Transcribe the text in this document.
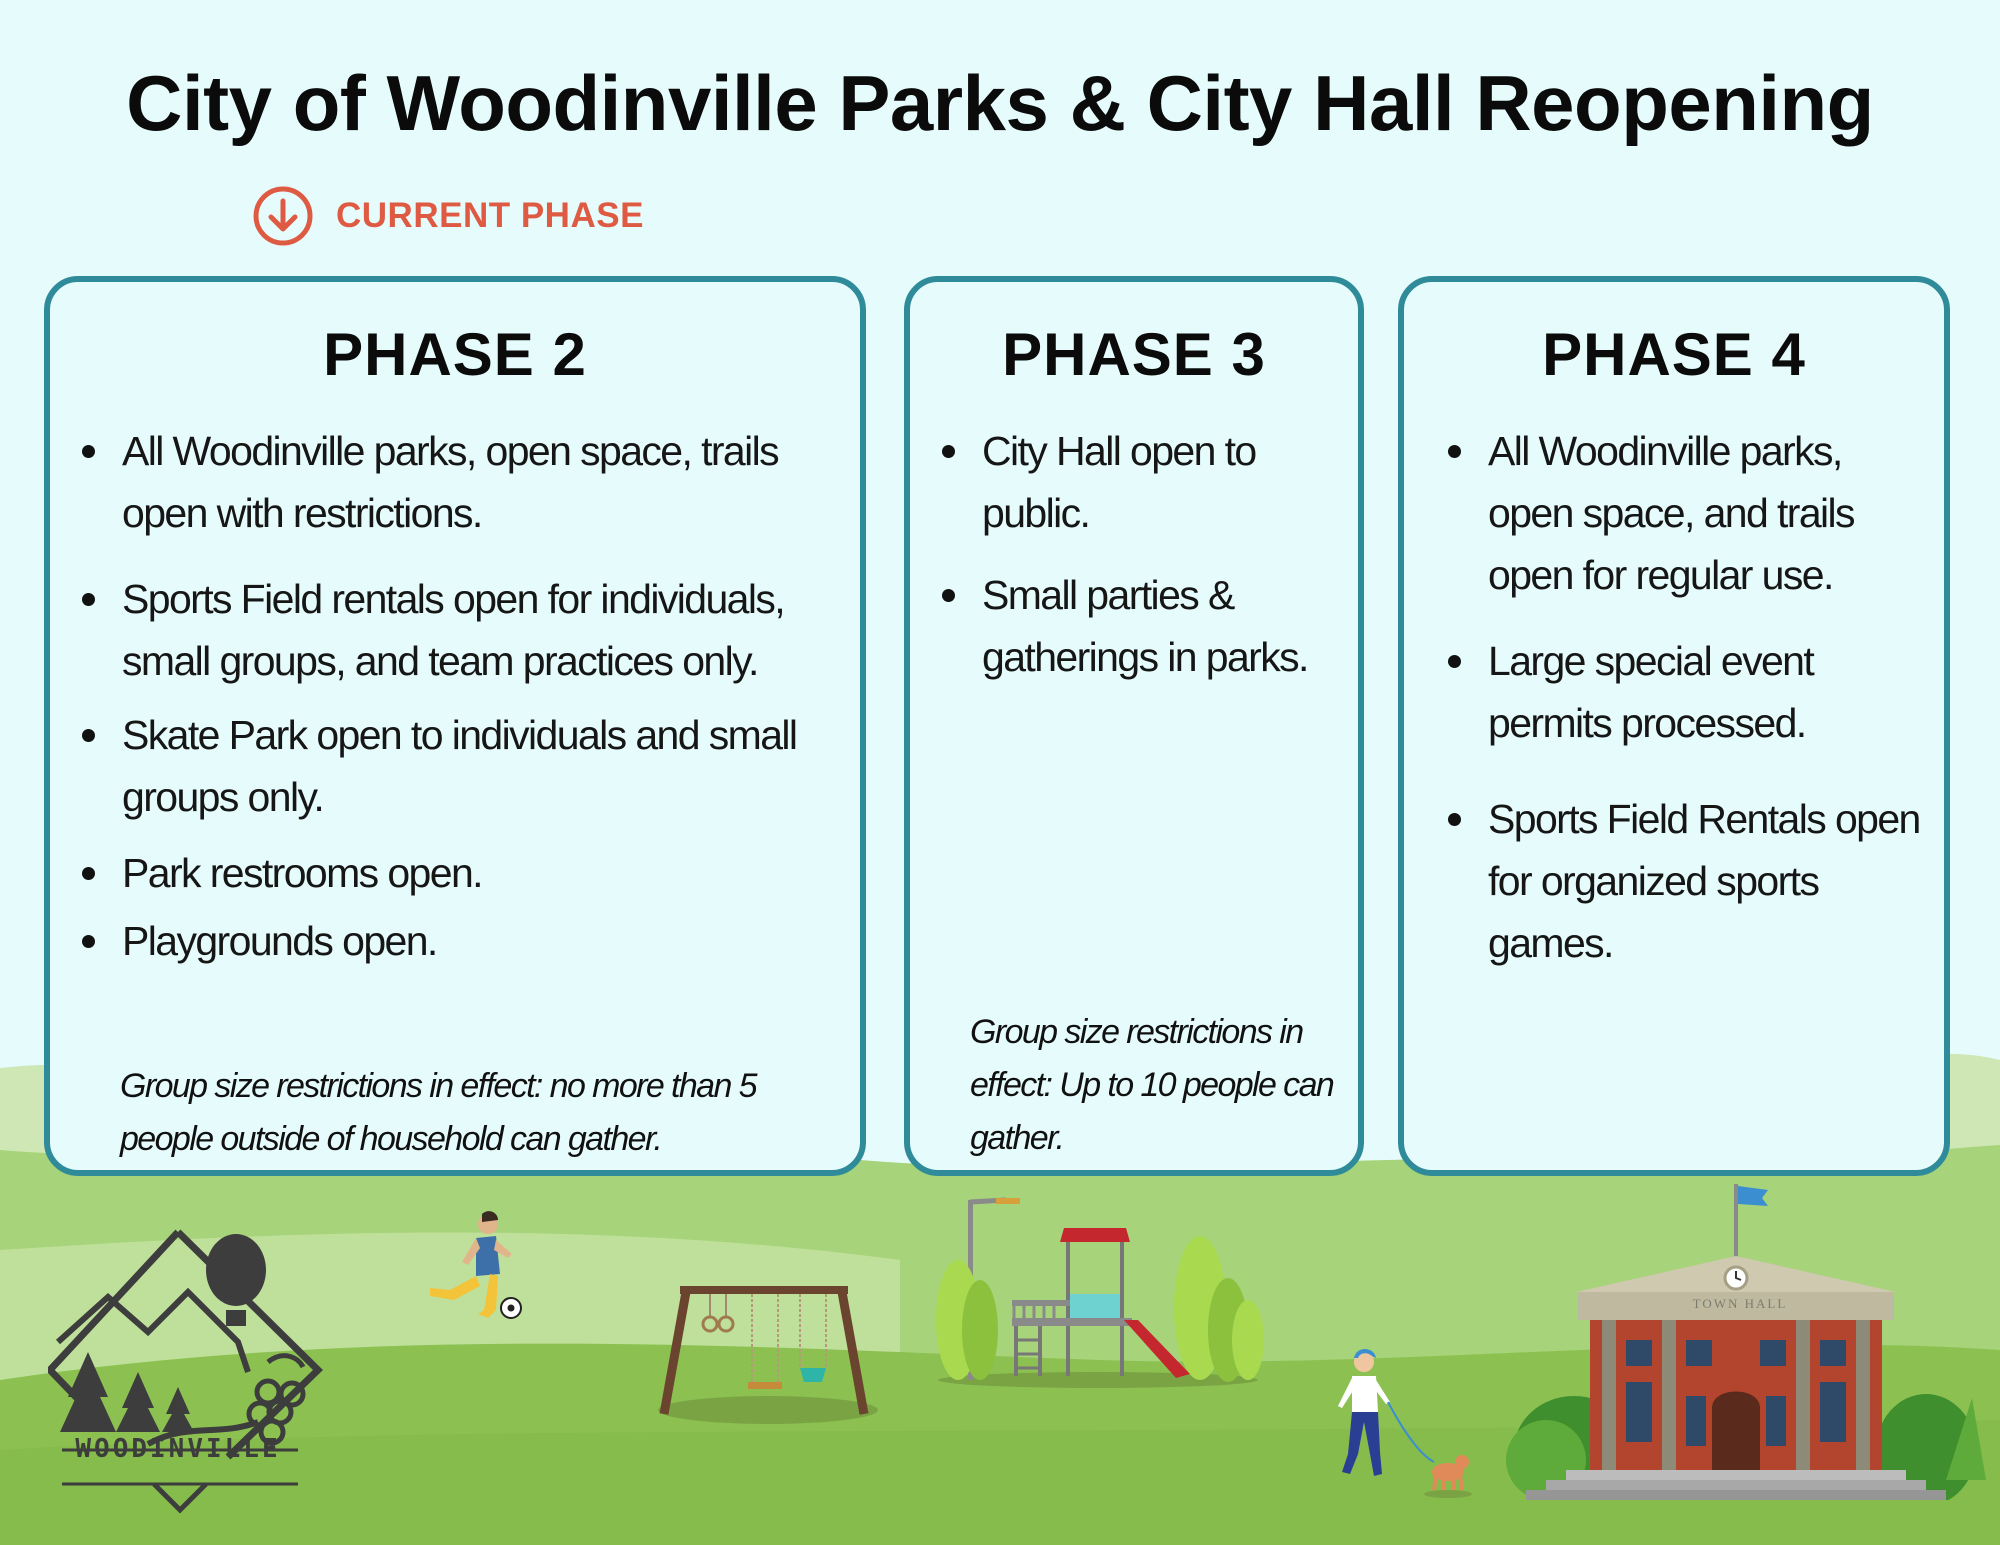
City of Woodinville Parks & City Hall Reopening
CURRENT PHASE
PHASE 2
All Woodinville parks, open space, trails open with restrictions.
Sports Field rentals open for individuals, small groups, and team practices only.
Skate Park open to individuals and small groups only.
Park restrooms open.
Playgrounds open.

Group size restrictions in effect: no more than 5 people outside of household can gather.

PHASE 3
City Hall open to public.
Small parties & gatherings in parks.

Group size restrictions in effect: Up to 10 people can gather.

PHASE 4
All Woodinville parks, open space, and trails open for regular use.
Large special event permits processed.
Sports Field Rentals open for organized sports games.
WOODINVILLE
TOWN HALL
